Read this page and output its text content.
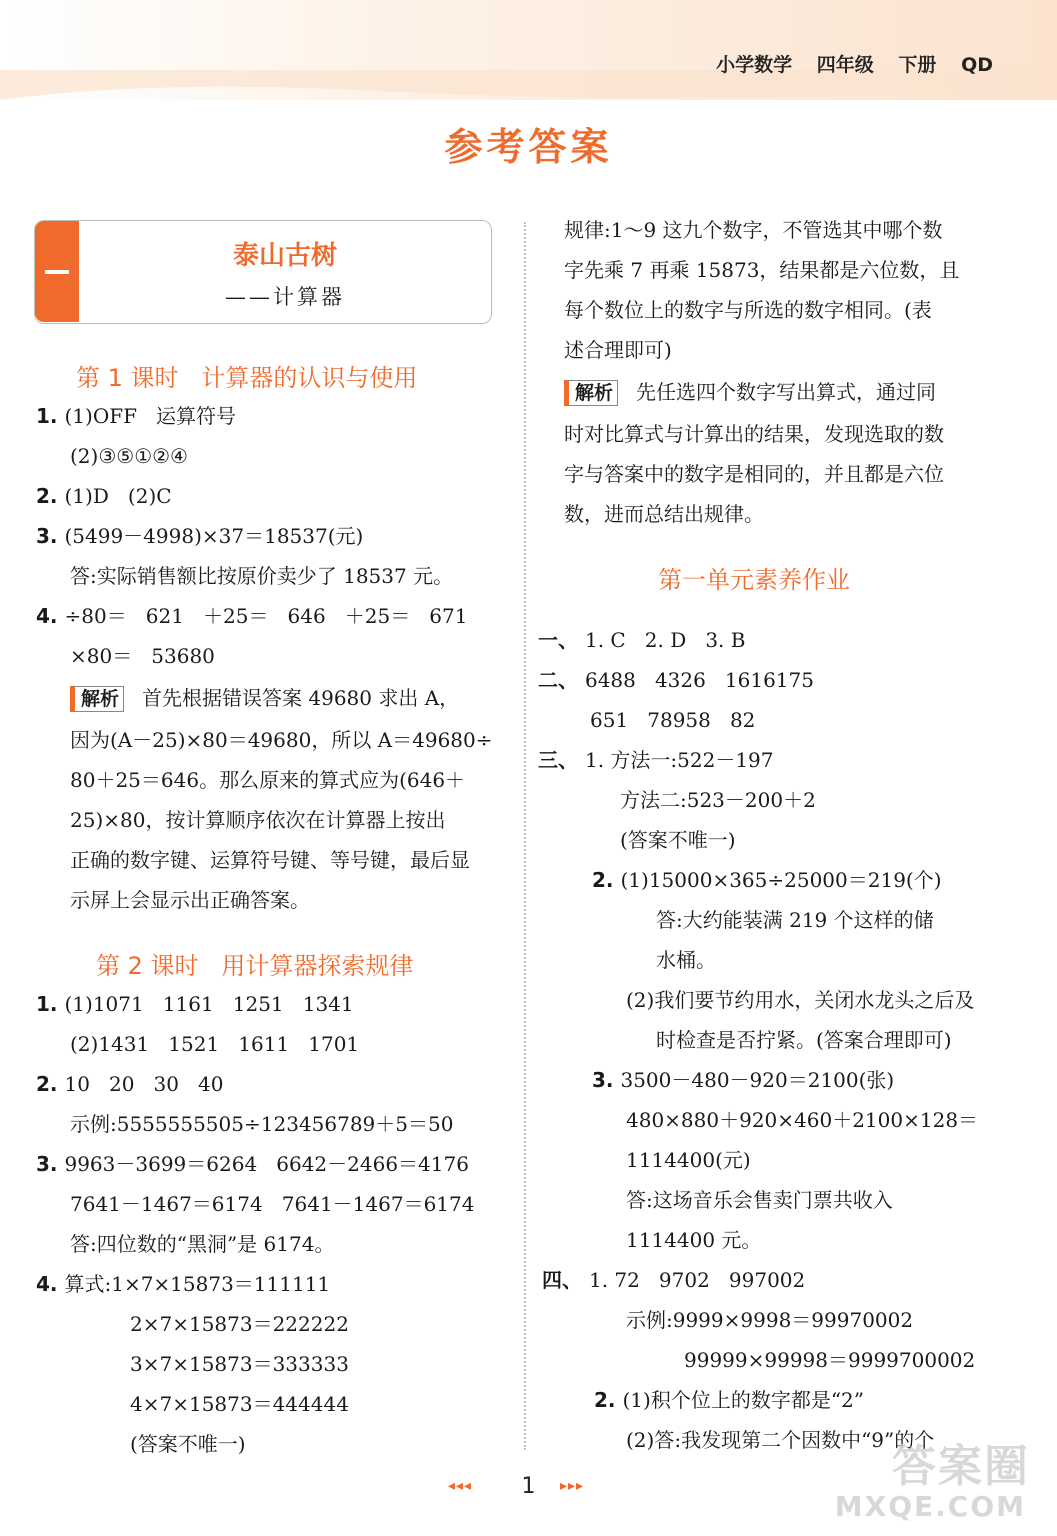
小学数学 四年级 下册 QD
参考答案
泰山古树
——计算器
第 1 课时   计算器的认识与使用
1. (1)OFF   运算符号
(2)③⑤①②④
2. (1)D   (2)C
3. (5499－4998)×37＝18537(元)
答:实际销售额比按原价卖少了 18537 元。
4. ÷80＝   621   ＋25＝   646   ＋25＝   671
×80＝   53680
解析 首先根据错误答案 49680 求出 A，
因为(A－25)×80＝49680，所以 A＝49680÷
80＋25＝646。那么原来的算式应为(646＋
25)×80，按计算顺序依次在计算器上按出
正确的数字键、运算符号键、等号键，最后显
示屏上会显示出正确答案。
第 2 课时   用计算器探索规律
1. (1)1071   1161   1251   1341
(2)1431   1521   1611   1701
2. 10   20   30   40
示例:5555555505÷123456789＋5＝50
3. 9963－3699＝6264   6642－2466＝4176
7641－1467＝6174   7641－1467＝6174
答:四位数的“黑洞”是 6174。
4. 算式:1×7×15873＝111111
2×7×15873＝222222
3×7×15873＝333333
4×7×15873＝444444
(答案不唯一)
规律:1～9 这九个数字，不管选其中哪个数
字先乘 7 再乘 15873，结果都是六位数，且
每个数位上的数字与所选的数字相同。(表
述合理即可)
解析 先任选四个数字写出算式，通过同
时对比算式与计算出的结果，发现选取的数
字与答案中的数字是相同的，并且都是六位
数，进而总结出规律。
第一单元素养作业
一、 1. C   2. D   3. B
二、 6488   4326   1616175
651   78958   82
三、 1. 方法一:522－197
方法二:523－200＋2
(答案不唯一)
2. (1)15000×365÷25000＝219(个)
答:大约能装满 219 个这样的储
水桶。
(2)我们要节约用水，关闭水龙头之后及
时检查是否拧紧。(答案合理即可)
3. 3500－480－920＝2100(张)
480×880＋920×460＋2100×128＝
1114400(元)
答:这场音乐会售卖门票共收入
1114400 元。
四、 1. 72   9702   997002
示例:9999×9998＝99970002
99999×99998＝9999700002
2. (1)积个位上的数字都是“2”
(2)答:我发现第二个因数中“9”的个
◂◂◂	1	▸▸▸	答案圈
MXQE.COM
